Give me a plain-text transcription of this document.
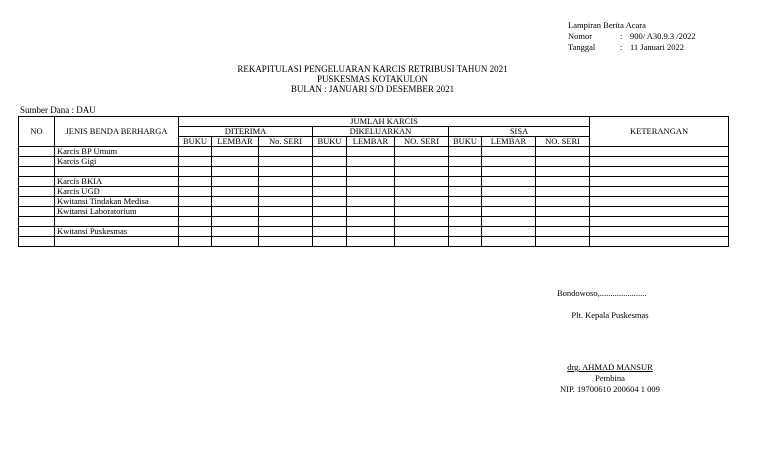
Lampiran Berita Acara
Nomor	: 900/ A30.9.3 /2022
Tanggal	: 11 Januari 2022
REKAPITULASI PENGELUARAN KARCIS RETRIBUSI TAHUN 2021
PUSKESMAS KOTAKULON
BULAN : JANUARI S/D DESEMBER 2021
Sumber Dana : DAU
NO	JENIS BENDA BERHARGA	JUMLAH KARCIS									KETERANGAN
		DITERIMA			DIKELUARKAN			SISA			
		BUKU	LEMBAR	No. SERI	BUKU	LEMBAR	NO. SERI	BUKU	LEMBAR	NO. SERI	
	Karcis BP Umum										
	Karcis Gigi										

	Karcis BKIA										
	Karcis UGD										
	Kwitansi Tindakan Medisa										
	Kwitansi Laboratorium										

	Kwitansi Puskesmas										

Bondowoso,......................
Plt. Kepala Puskesmas
drg. AHMAD MANSUR
Pembina
NIP. 19700610 200604 1 009
